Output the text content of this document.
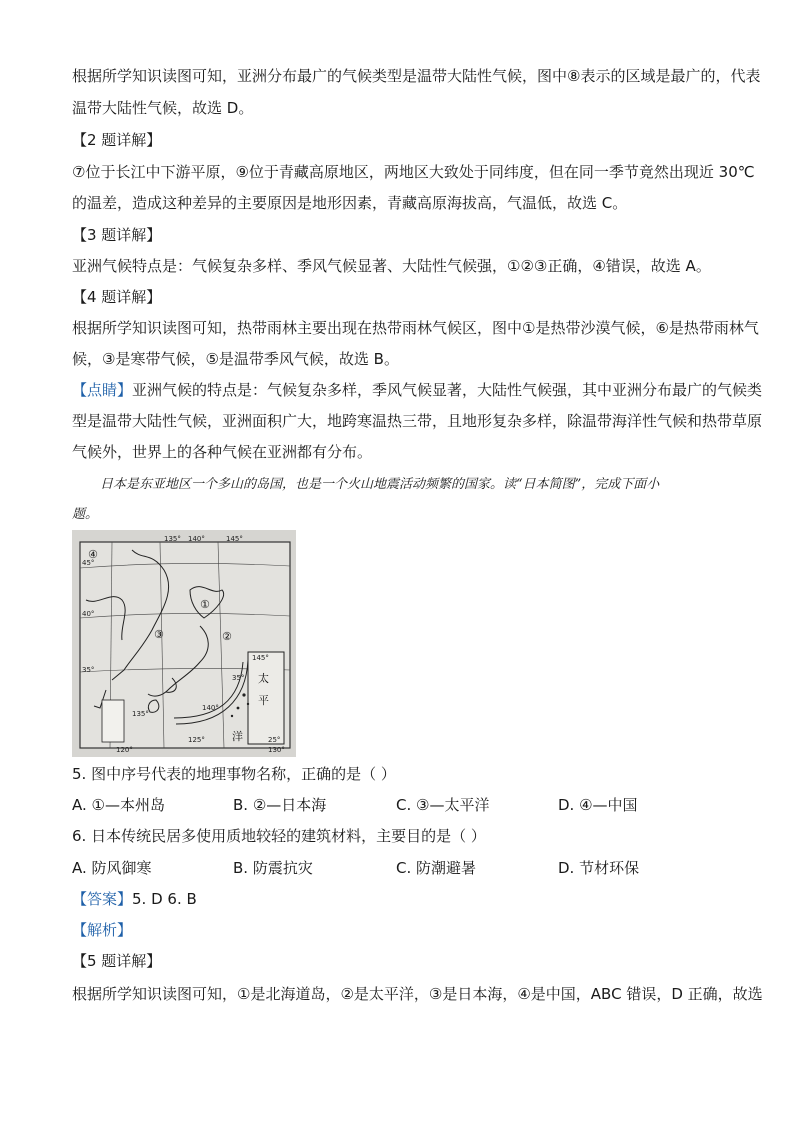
根据所学知识读图可知，亚洲分布最广的气候类型是温带大陆性气候，图中⑧表示的区域是最广的，代表
温带大陆性气候，故选 D。
【2 题详解】
⑦位于长江中下游平原，⑨位于青藏高原地区，两地区大致处于同纬度，但在同一季节竟然出现近 30℃
的温差，造成这种差异的主要原因是地形因素，青藏高原海拔高，气温低，故选 C。
【3 题详解】
亚洲气候特点是：气候复杂多样、季风气候显著、大陆性气候强，①②③正确，④错误，故选 A。
【4 题详解】
根据所学知识读图可知，热带雨林主要出现在热带雨林气候区，图中①是热带沙漠气候，⑥是热带雨林气
候，③是寒带气候，⑤是温带季风气候，故选 B。
【点睛】亚洲气候的特点是：气候复杂多样，季风气候显著，大陆性气候强，其中亚洲分布最广的气候类
型是温带大陆性气候，亚洲面积广大，地跨寒温热三带，且地形复杂多样，除温带海洋性气候和热带草原
气候外，世界上的各种气候在亚洲都有分布。
日本是东亚地区一个多山的岛国，也是一个火山地震活动频繁的国家。读“日本简图”，完成下面小
题。
135° 140°	145°
45°
40°
35°
145°
35°
140°
135°
125°	25°
130°
120°
④
①
③	②
太
平
洋
5. 图中序号代表的地理事物名称，正确的是（ ）
A. ①—本州岛	B. ②—日本海	C. ③—太平洋	D. ④—中国
6. 日本传统民居多使用质地较轻的建筑材料，主要目的是（ ）
A. 防风御寒	B. 防震抗灾	C. 防潮避暑	D. 节材环保
【答案】5. D 6. B
【解析】
【5 题详解】
根据所学知识读图可知，①是北海道岛，②是太平洋，③是日本海，④是中国，ABC 错误，D 正确，故选
